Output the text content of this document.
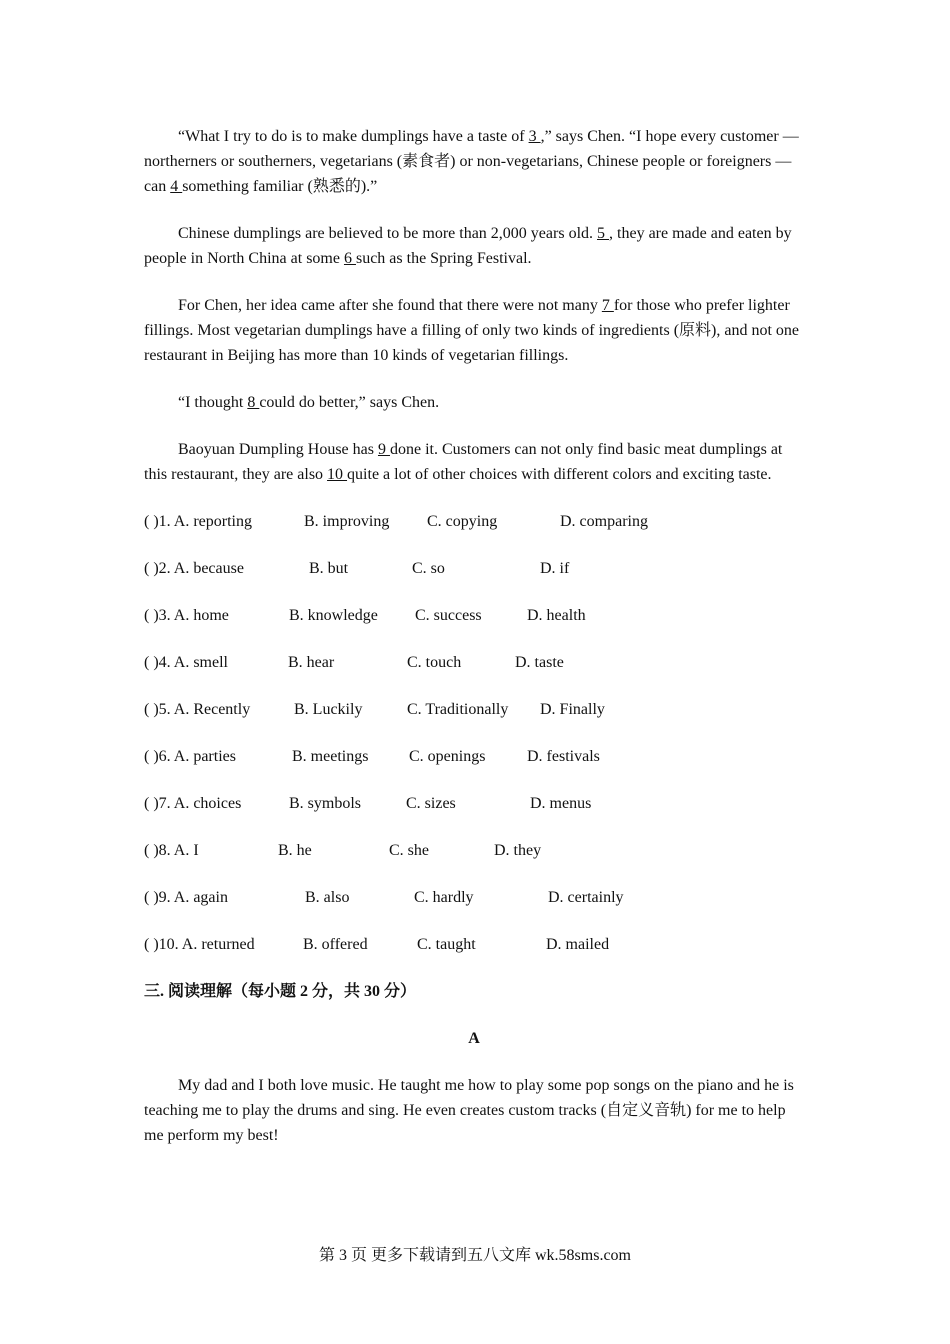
“What I try to do is to make dumplings have a taste of 3 ,” says Chen. “I hope every customer — northerners or southerners, vegetarians (素食者) or non-vegetarians, Chinese people or foreigners — can 4 something familiar (熟悉的).”

Chinese dumplings are believed to be more than 2,000 years old. 5 , they are made and eaten by people in North China at some 6 such as the Spring Festival.

For Chen, her idea came after she found that there were not many 7 for those who prefer lighter fillings. Most vegetarian dumplings have a filling of only two kinds of ingredients (原料), and not one restaurant in Beijing has more than 10 kinds of vegetarian fillings.

“I thought 8 could do better,” says Chen.

Baoyuan Dumpling House has 9 done it. Customers can not only find basic meat dumplings at this restaurant, they are also 10 quite a lot of other choices with different colors and exciting taste.

( )1. A. reporting	B. improving C. copying	D. comparing
( )2. A. because	B. but	C. so	D. if
( )3. A. home	B. knowledge C. success	D. health
( )4. A. smell	B. hear	C. touch	D. taste
( )5. A. Recently	B. Luckily	C. Traditionally D. Finally
( )6. A. parties	B. meetings	C. openings	D. festivals
( )7. A. choices	B. symbols	C. sizes	D. menus
( )8. A. I	B. he	C. she	D. they
( )9. A. again	B. also	C. hardly	D. certainly
( )10. A. returned	B. offered	C. taught	D. mailed
三. 阅读理解（每小题 2 分，共 30 分）
A

My dad and I both love music. He taught me how to play some pop songs on the piano and he is teaching me to play the drums and sing. He even creates custom tracks (自定义音轨) for me to help me perform my best!

第 3 页 更多下载请到五八文库 wk.58sms.com
